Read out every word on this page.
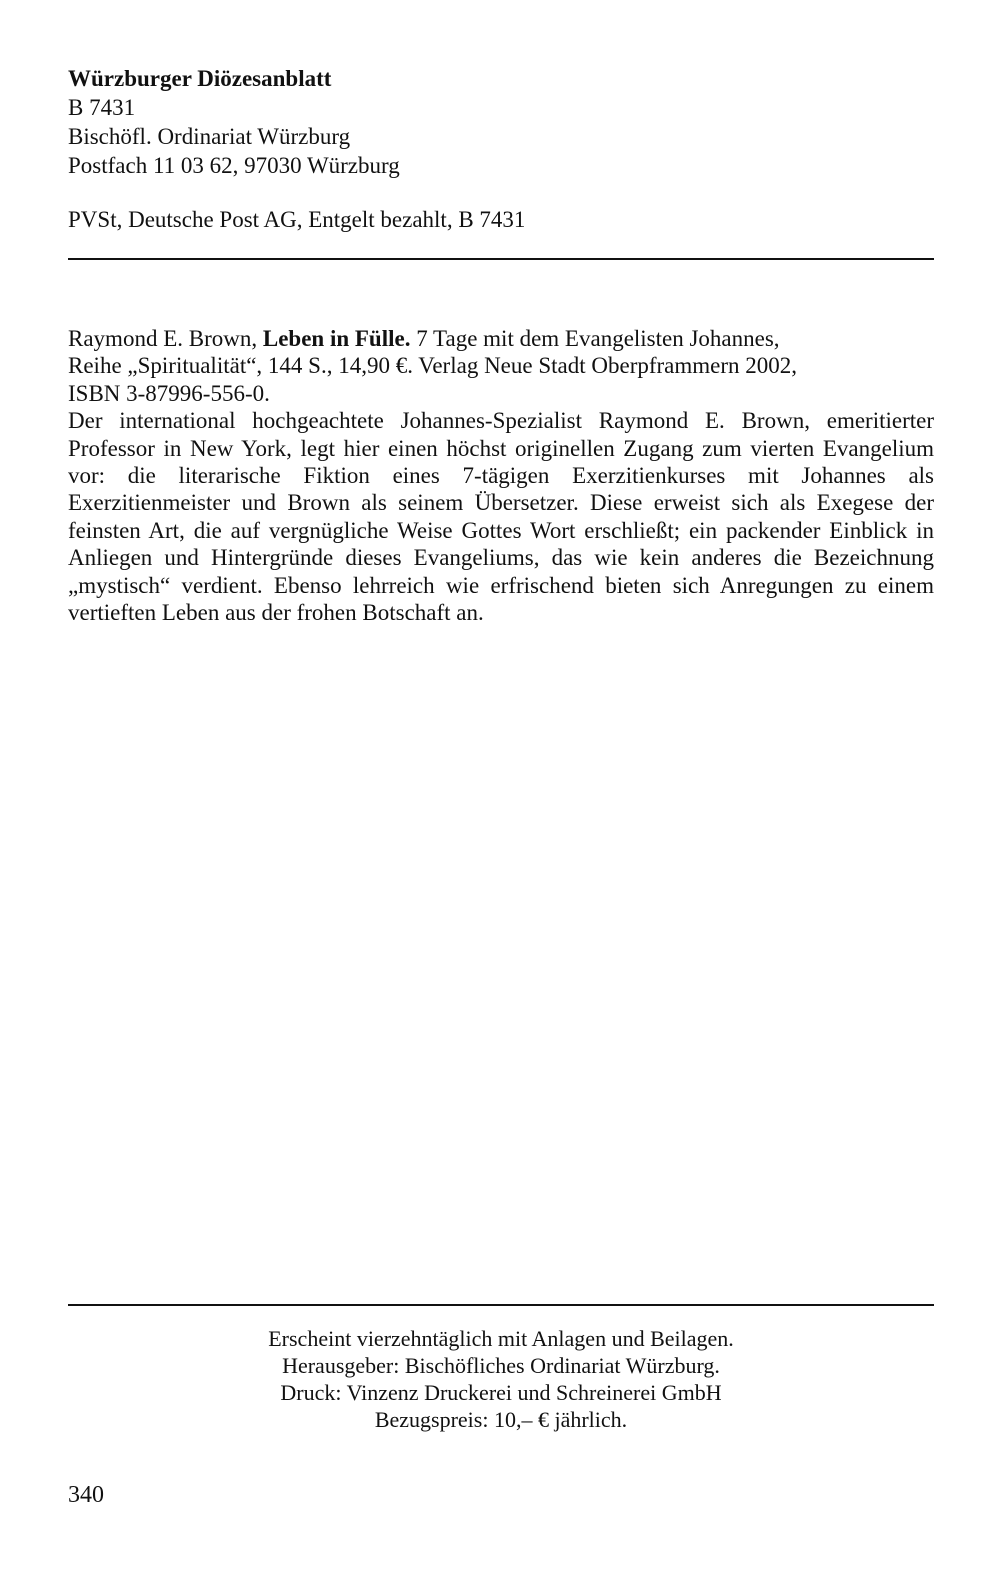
Würzburger Diözesanblatt
B 7431
Bischöfl. Ordinariat Würzburg
Postfach 11 03 62, 97030 Würzburg
PVSt, Deutsche Post AG, Entgelt bezahlt, B 7431
Raymond E. Brown, Leben in Fülle. 7 Tage mit dem Evangelisten Johannes,
Reihe „Spiritualität“, 144 S., 14,90 €. Verlag Neue Stadt Oberpframmern 2002,
ISBN 3-87996-556-0.

Der international hochgeachtete Johannes-Spezialist Raymond E. Brown, emeritierter Professor in New York, legt hier einen höchst originellen Zugang zum vierten Evangelium vor: die literarische Fiktion eines 7-tägigen Exerzitienkurses mit Johannes als Exerzitienmeister und Brown als seinem Übersetzer. Diese erweist sich als Exegese der feinsten Art, die auf vergnügliche Weise Gottes Wort erschließt; ein packender Einblick in Anliegen und Hintergründe dieses Evangeliums, das wie kein anderes die Bezeichnung „mystisch“ verdient. Ebenso lehrreich wie erfrischend bieten sich Anregungen zu einem vertieften Leben aus der frohen Botschaft an.

Erscheint vierzehntäglich mit Anlagen und Beilagen.
Herausgeber: Bischöfliches Ordinariat Würzburg.
Druck: Vinzenz Druckerei und Schreinerei GmbH
Bezugspreis: 10,– € jährlich.
340
